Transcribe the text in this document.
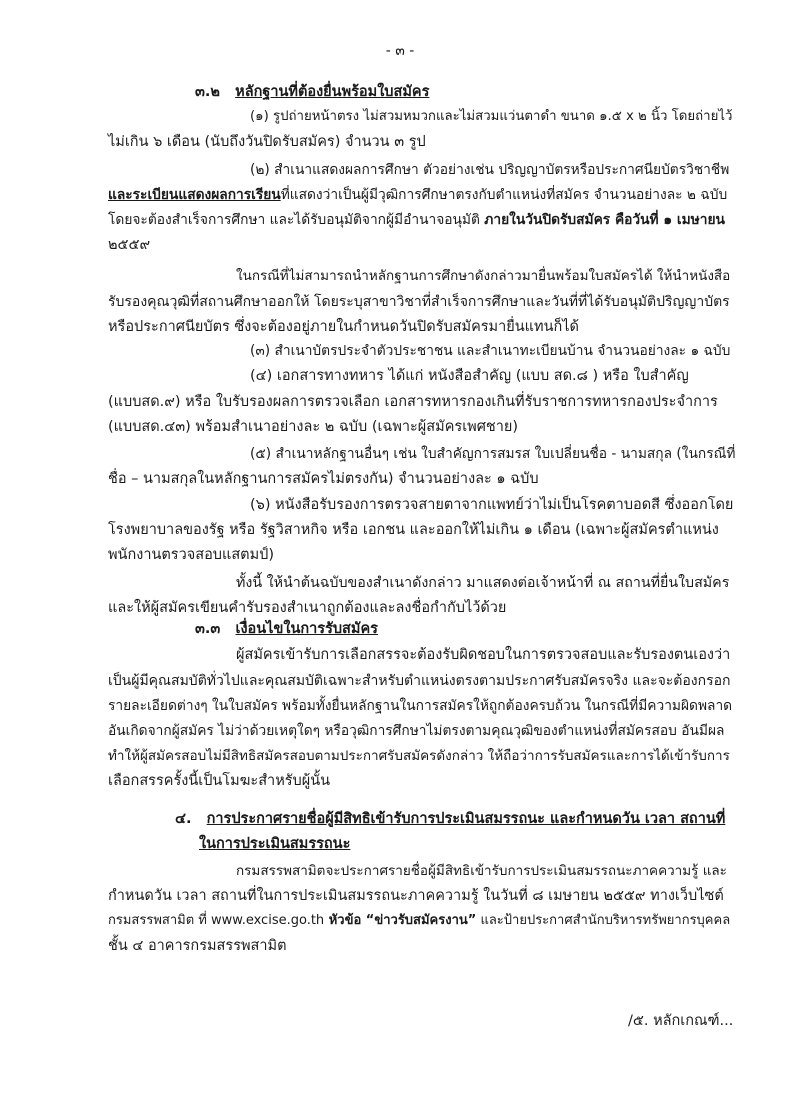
- ๓ -
๓.๒ หลักฐานที่ต้องยื่นพร้อมใบสมัคร
(๑) รูปถ่ายหน้าตรง ไม่สวมหมวกและไม่สวมแว่นตาดำ ขนาด ๑.๕ x ๒ นิ้ว โดยถ่ายไว้
ไม่เกิน ๖ เดือน (นับถึงวันปิดรับสมัคร) จำนวน ๓ รูป
(๒) สำเนาแสดงผลการศึกษา ตัวอย่างเช่น ปริญญาบัตรหรือประกาศนียบัตรวิชาชีพ
และระเบียนแสดงผลการเรียนที่แสดงว่าเป็นผู้มีวุฒิการศึกษาตรงกับตำแหน่งที่สมัคร จำนวนอย่างละ ๒ ฉบับ
โดยจะต้องสำเร็จการศึกษา และได้รับอนุมัติจากผู้มีอำนาจอนุมัติ ภายในวันปิดรับสมัคร คือวันที่ ๑ เมษายน
๒๕๕๙
ในกรณีที่ไม่สามารถนำหลักฐานการศึกษาดังกล่าวมายื่นพร้อมใบสมัครได้ ให้นำหนังสือ
รับรองคุณวุฒิที่สถานศึกษาออกให้ โดยระบุสาขาวิชาที่สำเร็จการศึกษาและวันที่ที่ได้รับอนุมัติปริญญาบัตร
หรือประกาศนียบัตร ซึ่งจะต้องอยู่ภายในกำหนดวันปิดรับสมัครมายื่นแทนก็ได้
(๓) สำเนาบัตรประจำตัวประชาชน และสำเนาทะเบียนบ้าน จำนวนอย่างละ ๑ ฉบับ
(๔) เอกสารทางทหาร ได้แก่ หนังสือสำคัญ (แบบ สด.๘ ) หรือ ใบสำคัญ
(แบบสด.๙) หรือ ใบรับรองผลการตรวจเลือก เอกสารทหารกองเกินที่รับราชการทหารกองประจำการ
(แบบสด.๔๓) พร้อมสำเนาอย่างละ ๒ ฉบับ (เฉพาะผู้สมัครเพศชาย)
(๕) สำเนาหลักฐานอื่นๆ เช่น ใบสำคัญการสมรส ใบเปลี่ยนชื่อ - นามสกุล (ในกรณีที่
ชื่อ – นามสกุลในหลักฐานการสมัครไม่ตรงกัน) จำนวนอย่างละ ๑ ฉบับ
(๖) หนังสือรับรองการตรวจสายตาจากแพทย์ว่าไม่เป็นโรคตาบอดสี ซึ่งออกโดย
โรงพยาบาลของรัฐ หรือ รัฐวิสาหกิจ หรือ เอกชน และออกให้ไม่เกิน ๑ เดือน (เฉพาะผู้สมัครตำแหน่ง
พนักงานตรวจสอบแสตมป์)
ทั้งนี้ ให้นำต้นฉบับของสำเนาดังกล่าว มาแสดงต่อเจ้าหน้าที่ ณ สถานที่ยื่นใบสมัคร
และให้ผู้สมัครเขียนคำรับรองสำเนาถูกต้องและลงชื่อกำกับไว้ด้วย
๓.๓ เงื่อนไขในการรับสมัคร
ผู้สมัครเข้ารับการเลือกสรรจะต้องรับผิดชอบในการตรวจสอบและรับรองตนเองว่า
เป็นผู้มีคุณสมบัติทั่วไปและคุณสมบัติเฉพาะสำหรับตำแหน่งตรงตามประกาศรับสมัครจริง และจะต้องกรอก
รายละเอียดต่างๆ ในใบสมัคร พร้อมทั้งยื่นหลักฐานในการสมัครให้ถูกต้องครบถ้วน ในกรณีที่มีความผิดพลาด
อันเกิดจากผู้สมัคร ไม่ว่าด้วยเหตุใดๆ หรือวุฒิการศึกษาไม่ตรงตามคุณวุฒิของตำแหน่งที่สมัครสอบ อันมีผล
ทำให้ผู้สมัครสอบไม่มีสิทธิสมัครสอบตามประกาศรับสมัครดังกล่าว ให้ถือว่าการรับสมัครและการได้เข้ารับการ
เลือกสรรครั้งนี้เป็นโมฆะสำหรับผู้นั้น
๔. การประกาศรายชื่อผู้มีสิทธิเข้ารับการประเมินสมรรถนะ และกำหนดวัน เวลา สถานที่
ในการประเมินสมรรถนะ
กรมสรรพสามิตจะประกาศรายชื่อผู้มีสิทธิเข้ารับการประเมินสมรรถนะภาคความรู้ และ
กำหนดวัน เวลา สถานที่ในการประเมินสมรรถนะภาคความรู้ ในวันที่ ๘ เมษายน ๒๕๕๙ ทางเว็บไซต์
กรมสรรพสามิต ที่ www.excise.go.th หัวข้อ “ข่าวรับสมัครงาน” และป้ายประกาศสำนักบริหารทรัพยากรบุคคล
ชั้น ๔ อาคารกรมสรรพสามิต
/๕. หลักเกณฑ์...
